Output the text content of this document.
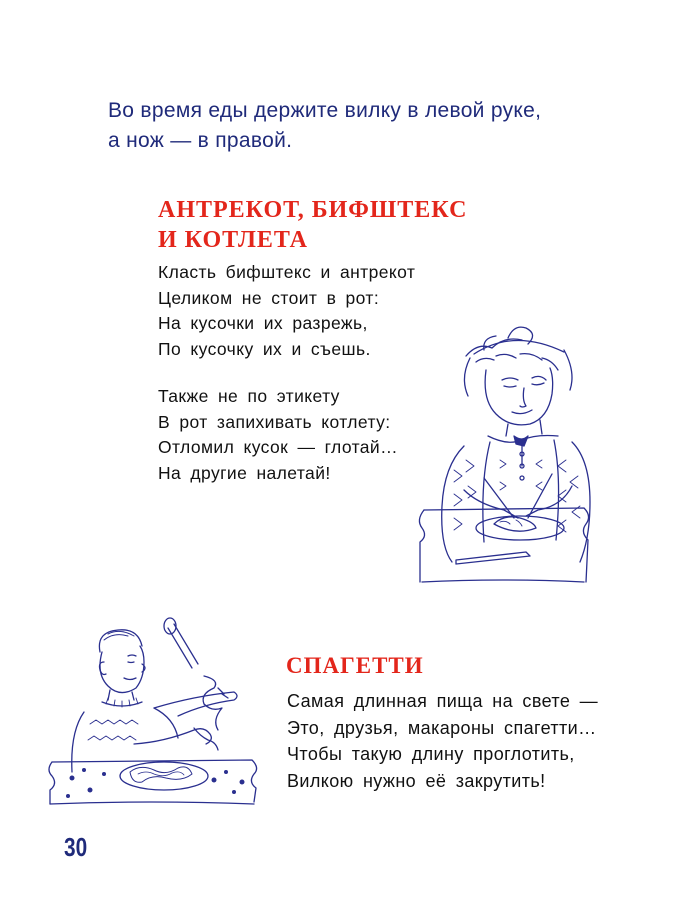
Во время еды держите вилку в левой руке,
а нож — в правой.
АНТРЕКОТ, БИФШТЕКС
И КОТЛЕТА
Класть бифштекс и антрекот
Целиком не стоит в рот:
На кусочки их разрежь,
По кусочку их и съешь.
Также не по этикету
В рот запихивать котлету:
Отломил кусок — глотай…
На другие налетай!
СПАГЕТТИ
Самая длинная пища на свете —
Это, друзья, макароны спагетти…
Чтобы такую длину проглотить,
Вилкою нужно её закрутить!
30
